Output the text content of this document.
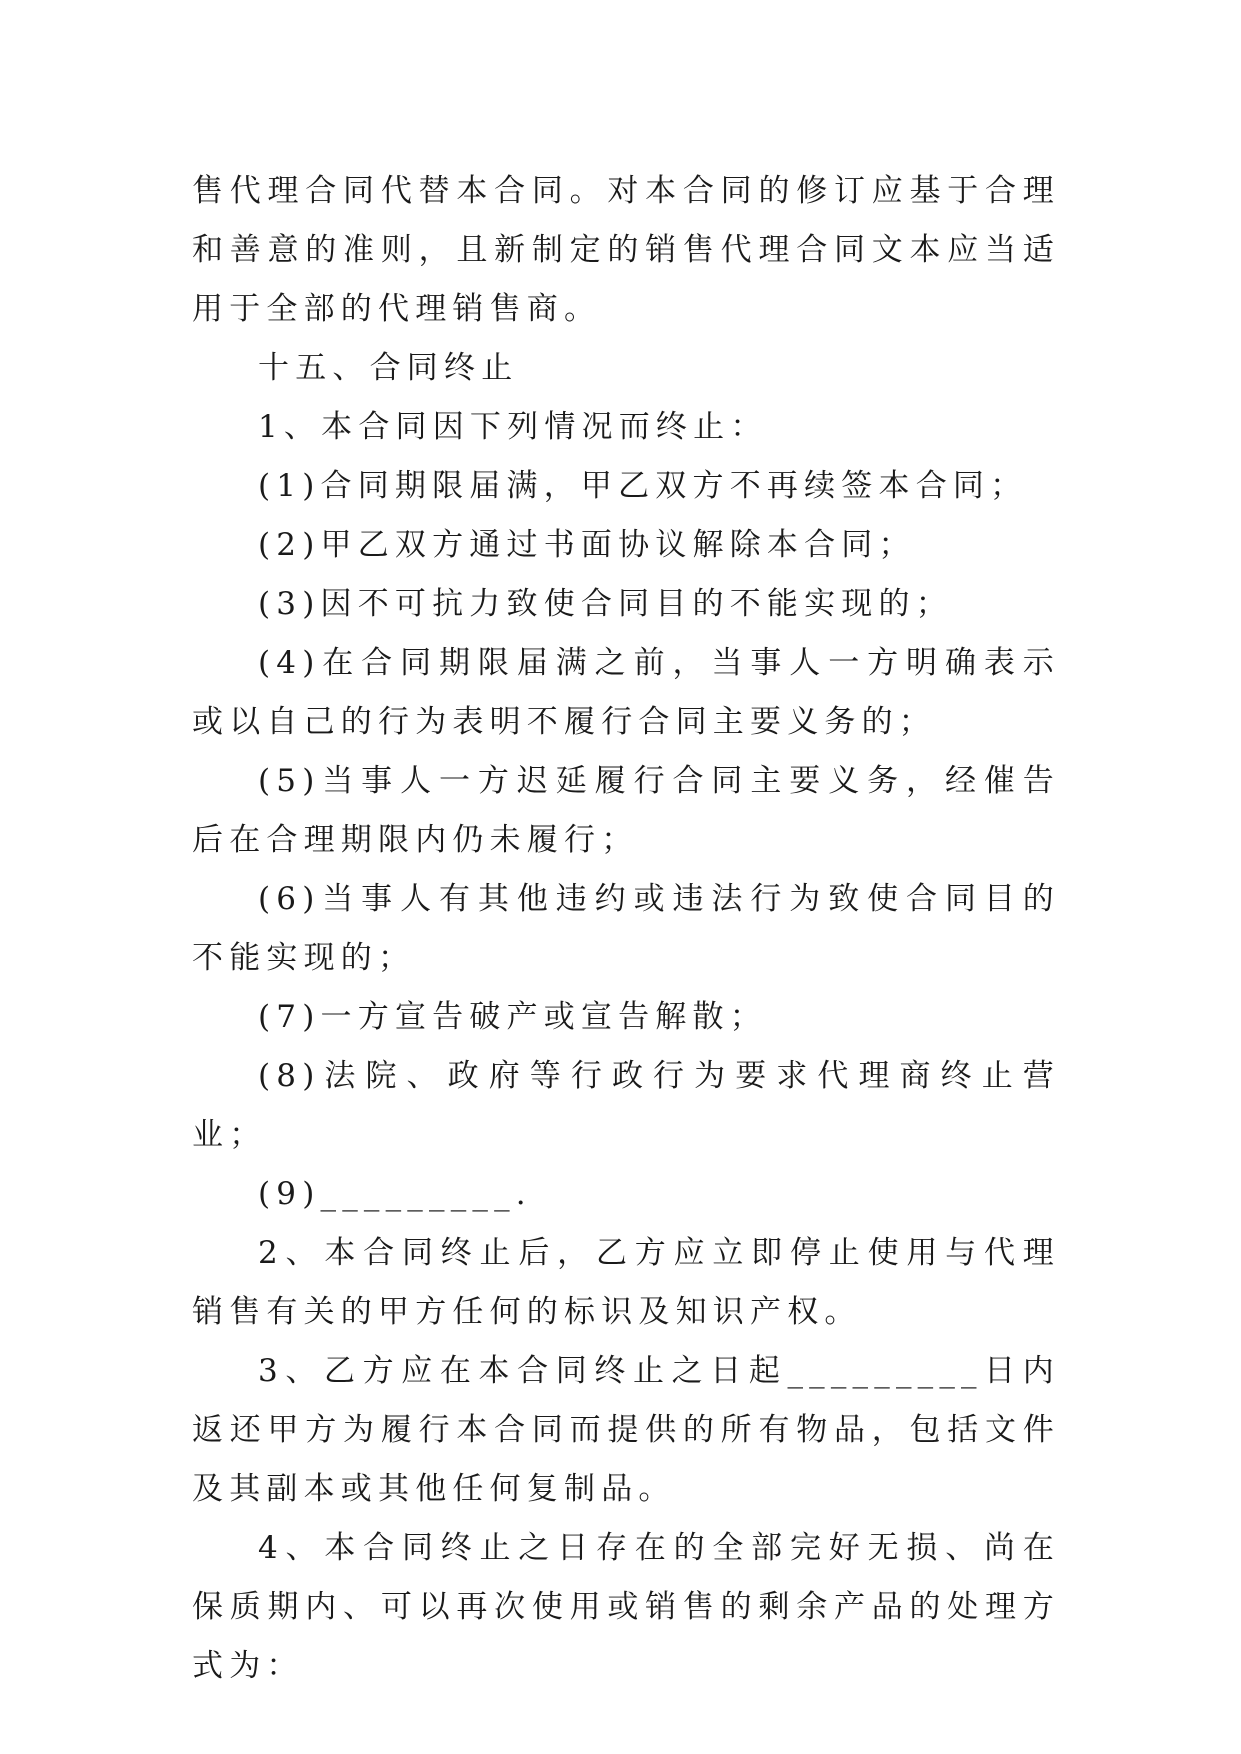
售代理合同代替本合同。对本合同的修订应基于合理和善意的准则，且新制定的销售代理合同文本应当适用于全部的代理销售商。

十五、合同终止

1、本合同因下列情况而终止：

(1)合同期限届满，甲乙双方不再续签本合同；

(2)甲乙双方通过书面协议解除本合同；

(3)因不可抗力致使合同目的不能实现的；

(4)在合同期限届满之前，当事人一方明确表示或以自己的行为表明不履行合同主要义务的；

(5)当事人一方迟延履行合同主要义务，经催告后在合理期限内仍未履行；

(6)当事人有其他违约或违法行为致使合同目的不能实现的；

(7)一方宣告破产或宣告解散；

(8)法院、政府等行政行为要求代理商终止营业；

(9)_________.

2、本合同终止后，乙方应立即停止使用与代理销售有关的甲方任何的标识及知识产权。

3、乙方应在本合同终止之日起_________日内返还甲方为履行本合同而提供的所有物品，包括文件及其副本或其他任何复制品。

4、本合同终止之日存在的全部完好无损、尚在保质期内、可以再次使用或销售的剩余产品的处理方式为：
